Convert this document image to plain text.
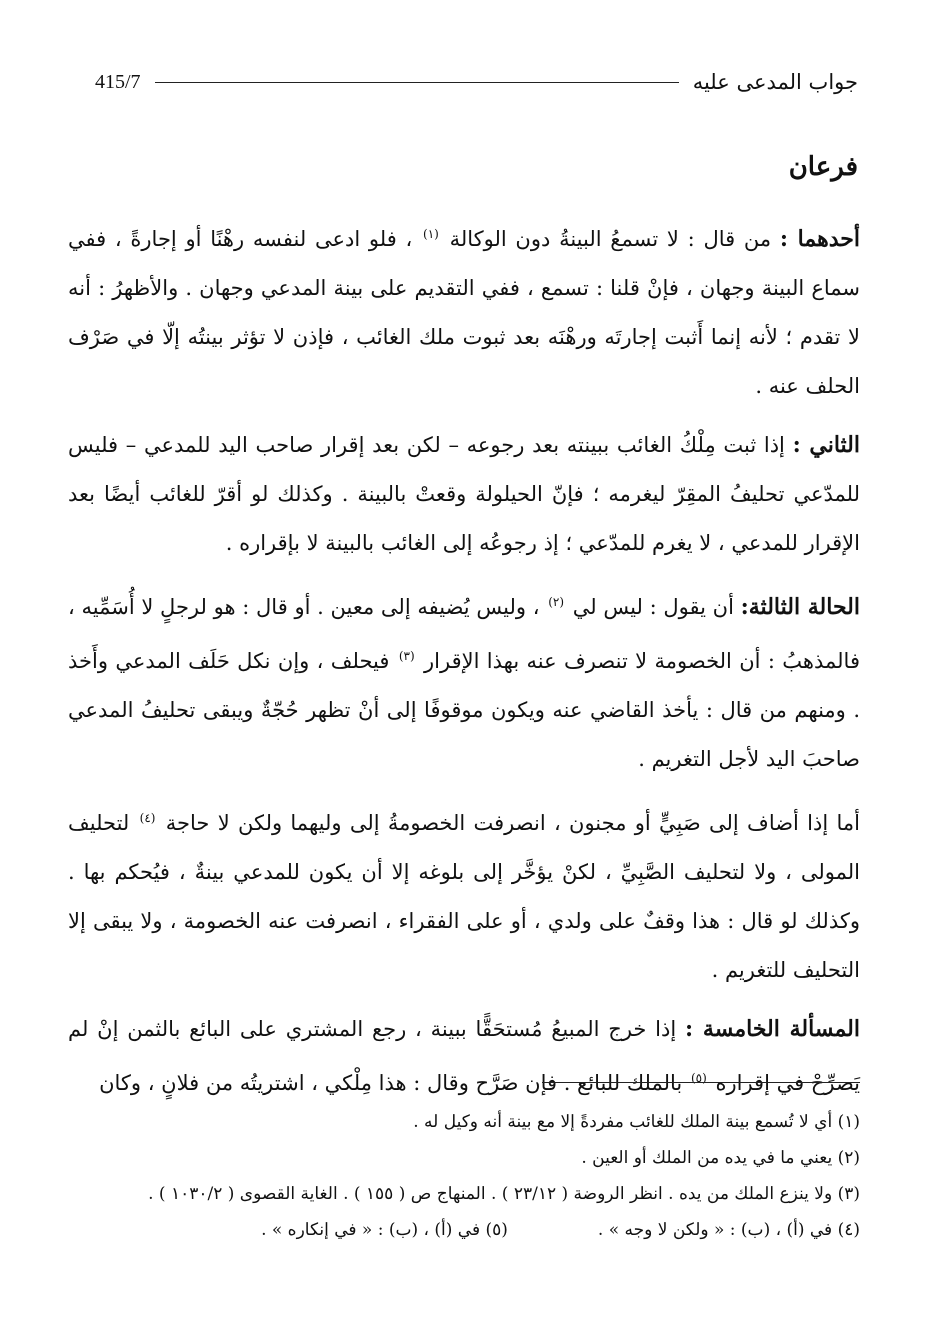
جواب المدعى عليه
415/7
فرعان

أحدهما : من قال : لا تسمعُ البينةُ دون الوكالة $^{(١)}$ ، فلو ادعى لنفسه رهْنًا أو إجارةً ، ففي سماع البينة وجهان ، فإنْ قلنا : تسمع ، ففي التقديم على بينة المدعي وجهان . والأظهرُ : أنه لا تقدم ؛ لأنه إنما أَثبت إجارتَه ورهْنَه بعد ثبوت ملك الغائب ، فإذن لا تؤثر بينتُه إلّا في صَرْف الحلف عنه .

الثاني : إذا ثبت مِلْكُ الغائب ببينته بعد رجوعه – لكن بعد إقرار صاحب اليد للمدعي – فليس للمدّعي تحليفُ المقِرّ ليغرمه ؛ فإنّ الحيلولة وقعتْ بالبينة . وكذلك لو أقرّ للغائب أيضًا بعد الإقرار للمدعي ، لا يغرم للمدّعي ؛ إذ رجوعُه إلى الغائب بالبينة لا بإقراره .

الحالة الثالثة: أن يقول : ليس لي $^{(٢)}$ ، وليس يُضيفه إلى معين . أو قال : هو لرجلٍ لا أُسَمِّيه ، فالمذهبُ : أن الخصومة لا تنصرف عنه بهذا الإقرار $^{(٣)}$ فيحلف ، وإن نكل حَلَف المدعي وأَخذ . ومنهم من قال : يأخذ القاضي عنه ويكون موقوفًا إلى أنْ تظهر حُجّةٌ ويبقى تحليفُ المدعي صاحبَ اليد لأجل التغريم .

أما إذا أضاف إلى صَبِيٍّ أو مجنون ، انصرفت الخصومةُ إلى وليهما ولكن لا حاجة $^{(٤)}$ لتحليف المولى ، ولا لتحليف الصَّبِيِّ ، لكنْ يؤخَّر إلى بلوغه إلا أن يكون للمدعي بينةٌ ، فيُحكم بها . وكذلك لو قال : هذا وقفٌ على ولدي ، أو على الفقراء ، انصرفت عنه الخصومة ، ولا يبقى إلا التحليف للتغريم .

المسألة الخامسة : إذا خرج المبيعُ مُستحَقًّا ببينة ، رجع المشتري على البائع بالثمن إنْ لم يَصرِّحْ في إقراره $^{(٥)}$ بالملك للبائع . فإن صَرَّح وقال : هذا مِلْكي ، اشتريتُه من فلانٍ ، وكان

(١) أي لا تُسمع بينة الملك للغائب مفردةً إلا مع بينة أنه وكيل له .
(٢) يعني ما في يده من الملك أو العين .
(٣) ولا ينزع الملك من يده . انظر الروضة ( ٢٣/١٢ ) . المنهاج ص ( ١٥٥ ) . الغاية القصوى ( ١٠٣٠/٢ ) .
(٤) في (أ) ، (ب) : « ولكن لا وجه » .
(٥) في (أ) ، (ب) : « في إنكاره » .
